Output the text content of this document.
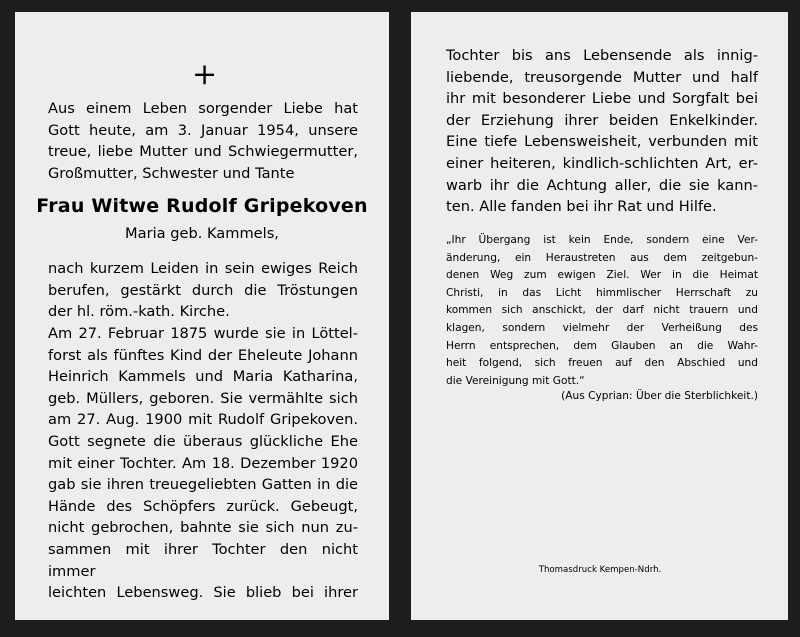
+

Aus einem Leben sorgender Liebe hat
Gott heute, am 3. Januar 1954, unsere
treue, liebe Mutter und Schwiegermutter,
Großmutter, Schwester und Tante

Frau Witwe Rudolf Gripekoven
Maria geb. Kammels,

nach kurzem Leiden in sein ewiges Reich
berufen, gestärkt durch die Tröstungen
der hl. röm.-kath. Kirche.

Am 27. Februar 1875 wurde sie in Löttel-
forst als fünftes Kind der Eheleute Johann
Heinrich Kammels und Maria Katharina,
geb. Müllers, geboren. Sie vermählte sich
am 27. Aug. 1900 mit Rudolf Gripekoven.
Gott segnete die überaus glückliche Ehe
mit einer Tochter. Am 18. Dezember 1920
gab sie ihren treuegeliebten Gatten in die
Hände des Schöpfers zurück. Gebeugt,
nicht gebrochen, bahnte sie sich nun zu-
sammen mit ihrer Tochter den nicht immer
leichten Lebensweg. Sie blieb bei ihrer

Tochter bis ans Lebensende als innig-
liebende, treusorgende Mutter und half
ihr mit besonderer Liebe und Sorgfalt bei
der Erziehung ihrer beiden Enkelkinder.
Eine tiefe Lebensweisheit, verbunden mit
einer heiteren, kindlich-schlichten Art, er-
warb ihr die Achtung aller, die sie kann-
ten. Alle fanden bei ihr Rat und Hilfe.

„Ihr Übergang ist kein Ende, sondern eine Ver-
änderung, ein Heraustreten aus dem zeitgebun-
denen Weg zum ewigen Ziel. Wer in die Heimat
Christi, in das Licht himmlischer Herrschaft zu
kommen sich anschickt, der darf nicht trauern und
klagen, sondern vielmehr der Verheißung des
Herrn entsprechen, dem Glauben an die Wahr-
heit folgend, sich freuen auf den Abschied und
die Vereinigung mit Gott.“

(Aus Cyprian: Über die Sterblichkeit.)
Thomasdruck Kempen-Ndrh.
